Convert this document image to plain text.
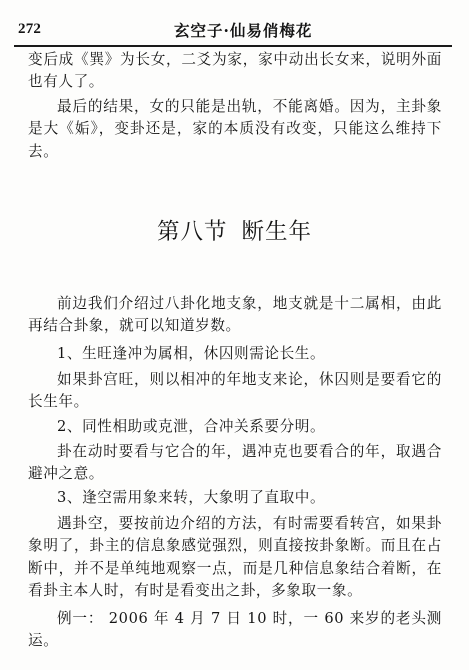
272	玄空子·仙易俏梅花

变后成《巽》为长女，二爻为家，家中动出长女来，说明外面也有人了。

最后的结果，女的只能是出轨，不能离婚。因为，主卦象是大《姤》，变卦还是，家的本质没有改变，只能这么维持下去。

第八节 断生年

前边我们介绍过八卦化地支象，地支就是十二属相，由此再结合卦象，就可以知道岁数。

1、生旺逢冲为属相，休囚则需论长生。

如果卦宫旺，则以相冲的年地支来论，休囚则是要看它的长生年。

2、同性相助或克泄，合冲关系要分明。

卦在动时要看与它合的年，遇冲克也要看合的年，取遇合避冲之意。

3、逢空需用象来转，大象明了直取中。

遇卦空，要按前边介绍的方法，有时需要看转宫，如果卦象明了，卦主的信息象感觉强烈，则直接按卦象断。而且在占断中，并不是单纯地观察一点，而是几种信息象结合着断，在看卦主本人时，有时是看变出之卦，多象取一象。

例一： 2006 年 4 月 7 日 10 时，一 60 来岁的老头测运。
